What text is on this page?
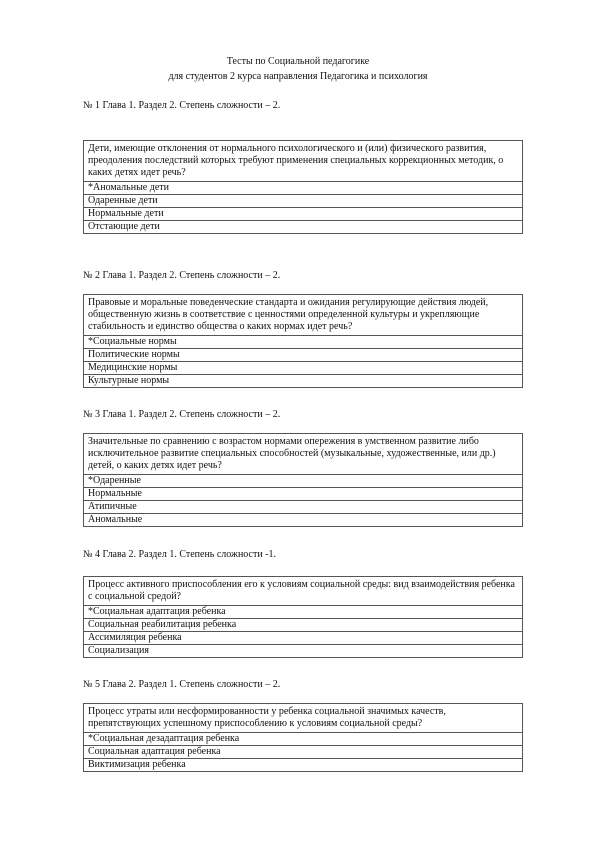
Тесты по Социальной педагогике
для студентов 2 курса направления Педагогика и психология
№ 1 Глава 1. Раздел 2. Степень сложности – 2.
Дети, имеющие отклонения от нормального психологического и (или) физического развития, преодоления последствий которых требуют применения специальных коррекционных методик, о каких детях идет речь?
*Аномальные дети
Одаренные дети
Нормальные дети
Отстающие дети
№ 2 Глава 1. Раздел 2. Степень сложности – 2.
Правовые и моральные поведенческие стандарта и ожидания регулирующие действия людей, общественную жизнь в соответствие с ценностями определенной культуры и укрепляющие стабильность и единство общества о каких нормах идет речь?
*Социальные нормы
Политические нормы
Медицинские нормы
Культурные нормы
№ 3 Глава 1. Раздел 2. Степень сложности – 2.
Значительные по сравнению с возрастом нормами опережения в умственном развитие либо исключительное развитие специальных способностей (музыкальные, художественные, или др.) детей, о каких детях идет речь?
*Одаренные
Нормальные
Атипичные
Аномальные
№ 4 Глава 2. Раздел 1. Степень сложности -1.
Процесс активного приспособления его к условиям социальной среды: вид взаимодействия ребенка с социальной средой?
*Социальная адаптация ребенка
Социальная реабилитация ребенка
Ассимиляция ребенка
Социализация
№ 5 Глава 2. Раздел 1. Степень сложности – 2.
Процесс утраты или несформированности у ребенка социальной значимых качеств, препятствующих успешному приспособлению к условиям социальной среды?
*Социальная дезадаптация ребенка
Социальная адаптация ребенка
Виктимизация ребенка
